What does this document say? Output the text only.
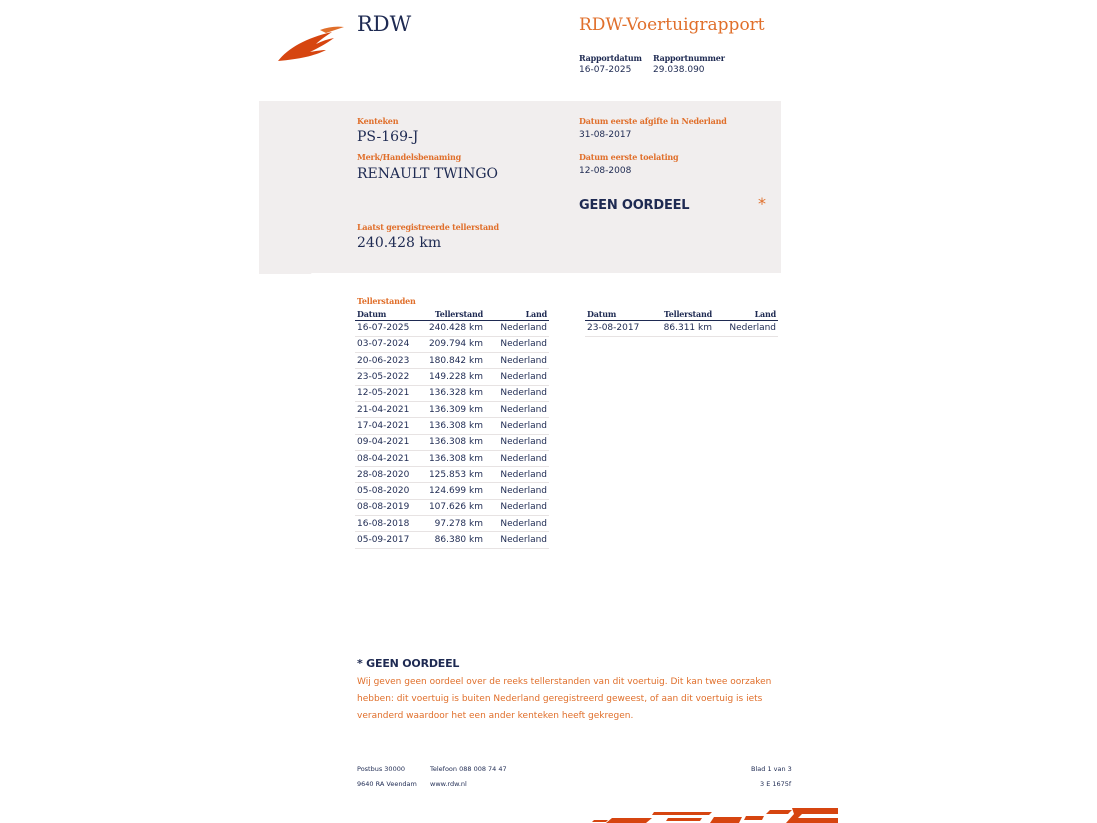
RDW	RDW-Voertuigrapport
Rapportdatum
16-07-2025
Rapportnummer
29.038.090
Kenteken
PS-169-J
Merk/Handelsbenaming
RENAULT TWINGO
Laatst geregistreerde tellerstand
240.428 km
Datum eerste afgifte in Nederland
31-08-2017
Datum eerste toelating
12-08-2008
GEEN OORDEEL	*
Tellerstanden
Datum	Tellerstand	Land
16-07-2025	240.428 km	Nederland
03-07-2024	209.794 km	Nederland
20-06-2023	180.842 km	Nederland
23-05-2022	149.228 km	Nederland
12-05-2021	136.328 km	Nederland
21-04-2021	136.309 km	Nederland
17-04-2021	136.308 km	Nederland
09-04-2021	136.308 km	Nederland
08-04-2021	136.308 km	Nederland
28-08-2020	125.853 km	Nederland
05-08-2020	124.699 km	Nederland
08-08-2019	107.626 km	Nederland
16-08-2018	97.278 km	Nederland
05-09-2017	86.380 km	Nederland
Datum	Tellerstand	Land
23-08-2017	86.311 km	Nederland
* GEEN OORDEEL
Wij geven geen oordeel over de reeks tellerstanden van dit voertuig. Dit kan twee oorzaken hebben: dit voertuig is buiten Nederland geregistreerd geweest, of aan dit voertuig is iets veranderd waardoor het een ander kenteken heeft gekregen.
Postbus 30000
9640 RA Veendam
Telefoon 088 008 74 47
www.rdw.nl
Blad 1 van 3
3 E 1675f
